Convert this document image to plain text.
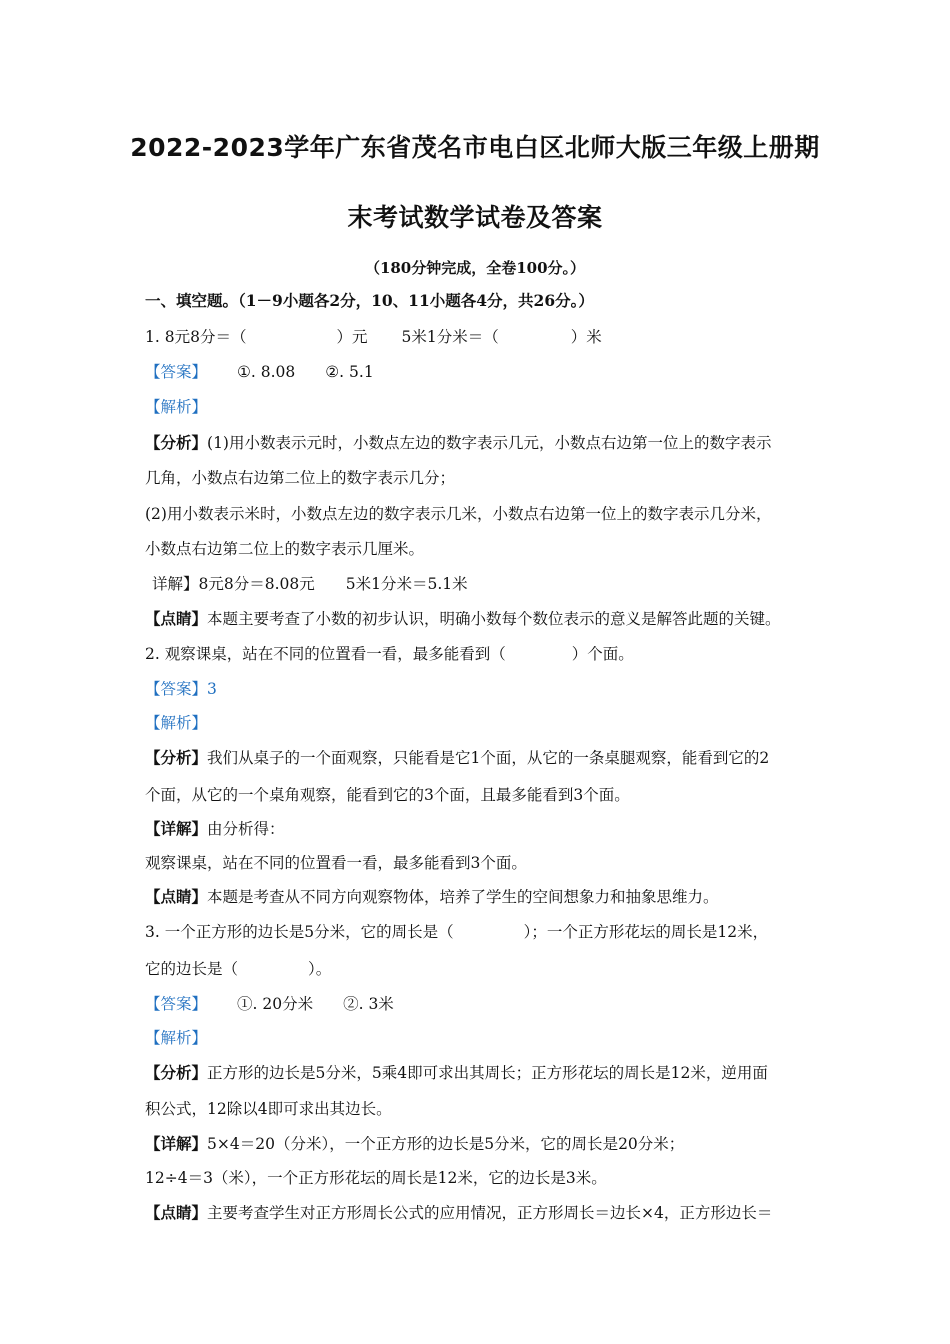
2022-2023学年广东省茂名市电白区北师大版三年级上册期
末考试数学试卷及答案
（180分钟完成，全卷100分。）
一、填空题。（1－9小题各2分，10、11小题各4分，共26分。）
1. 8元8分＝（	）元 5米1分米＝（	）米
【答案】 ①. 8.08 ②. 5.1
【解析】
【分析】(1)用小数表示元时，小数点左边的数字表示几元，小数点右边第一位上的数字表示
几角，小数点右边第二位上的数字表示几分；
(2)用小数表示米时，小数点左边的数字表示几米，小数点右边第一位上的数字表示几分米，
小数点右边第二位上的数字表示几厘米。
详解】8元8分＝8.08元　　5米1分米＝5.1米
【点睛】本题主要考查了小数的初步认识，明确小数每个数位表示的意义是解答此题的关键。
2. 观察课桌，站在不同的位置看一看，最多能看到（	）个面。
【答案】3
【解析】
【分析】我们从桌子的一个面观察，只能看是它1个面，从它的一条桌腿观察，能看到它的2
个面，从它的一个桌角观察，能看到它的3个面，且最多能看到3个面。
【详解】由分析得：
观察课桌，站在不同的位置看一看，最多能看到3个面。
【点睛】本题是考查从不同方向观察物体，培养了学生的空间想象力和抽象思维力。
3. 一个正方形的边长是5分米，它的周长是（	）；一个正方形花坛的周长是12米，
它的边长是（	）。
【答案】 ①. 20分米 ②. 3米
【解析】
【分析】正方形的边长是5分米，5乘4即可求出其周长；正方形花坛的周长是12米，逆用面
积公式，12除以4即可求出其边长。
【详解】5×4＝20（分米），一个正方形的边长是5分米，它的周长是20分米；
12÷4＝3（米），一个正方形花坛的周长是12米，它的边长是3米。
【点睛】主要考查学生对正方形周长公式的应用情况，正方形周长＝边长×4，正方形边长＝
